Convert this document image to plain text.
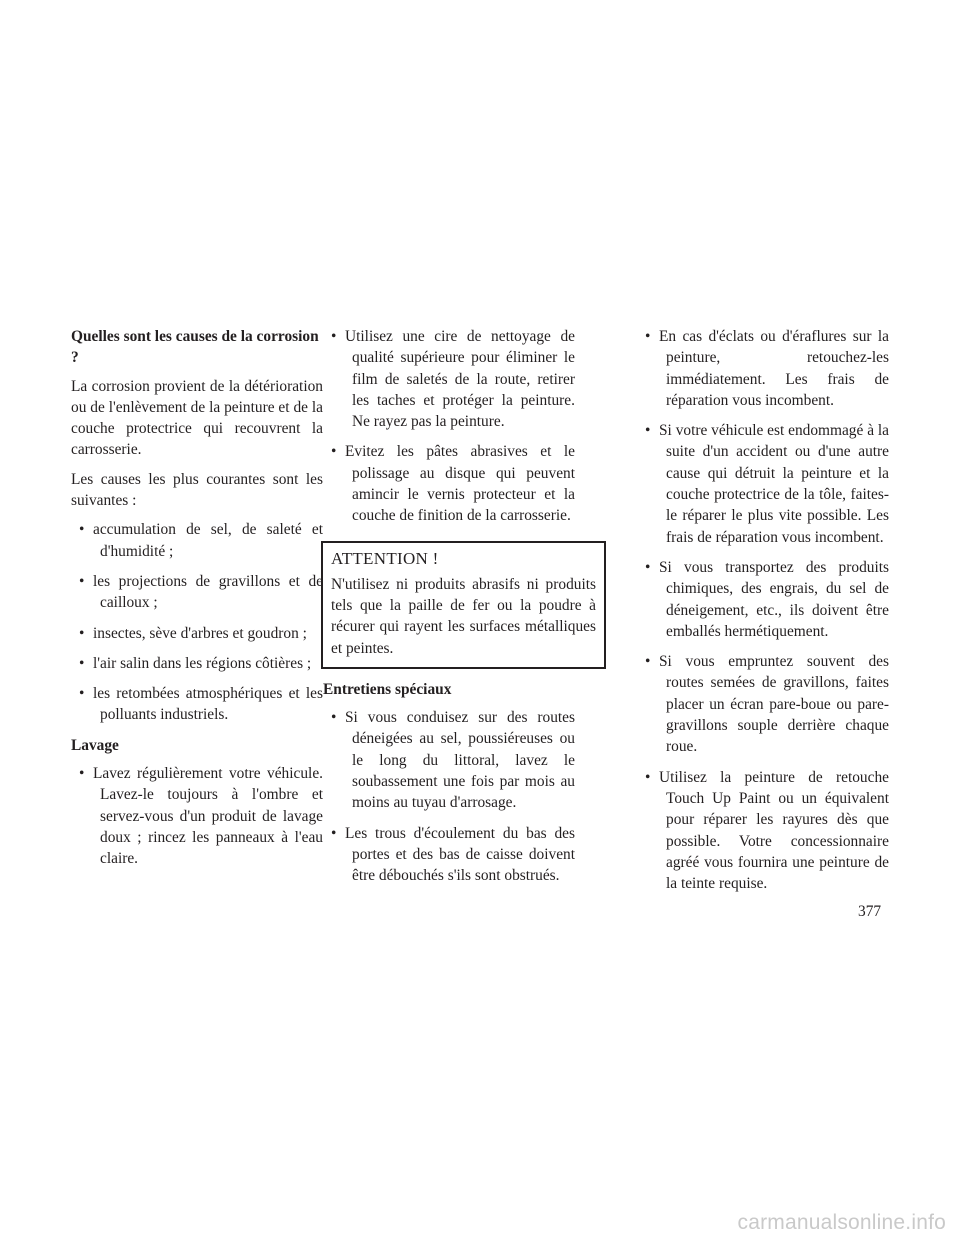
Quelles sont les causes de la corrosion ?
La corrosion provient de la détérioration ou de l'enlèvement de la peinture et de la couche protectrice qui recouvrent la carrosserie.
Les causes les plus courantes sont les suivantes :
• accumulation de sel, de saleté et d'humidité ;
• les projections de gravillons et de cailloux ;
• insectes, sève d'arbres et goudron ;
• l'air salin dans les régions côtières ;
• les retombées atmosphériques et les polluants industriels.
Lavage
• Lavez régulièrement votre véhicule. Lavez-le toujours à l'ombre et servez-vous d'un produit de lavage doux ; rincez les panneaux à l'eau claire.
• Utilisez une cire de nettoyage de qualité supérieure pour éliminer le film de saletés de la route, retirer les taches et protéger la peinture. Ne rayez pas la peinture.
• Evitez les pâtes abrasives et le polissage au disque qui peuvent amincir le vernis protecteur et la couche de finition de la carrosserie.
ATTENTION !
N'utilisez ni produits abrasifs ni produits tels que la paille de fer ou la poudre à récurer qui rayent les surfaces métalliques et peintes.
Entretiens spéciaux
• Si vous conduisez sur des routes déneigées au sel, poussiéreuses ou le long du littoral, lavez le soubassement une fois par mois au moins au tuyau d'arrosage.
• Les trous d'écoulement du bas des portes et des bas de caisse doivent être débouchés s'ils sont obstrués.
• En cas d'éclats ou d'éraflures sur la peinture, retouchez-les immédiatement. Les frais de réparation vous incombent.
• Si votre véhicule est endommagé à la suite d'un accident ou d'une autre cause qui détruit la peinture et la couche protectrice de la tôle, faites-le réparer le plus vite possible. Les frais de réparation vous incombent.
• Si vous transportez des produits chimiques, des engrais, du sel de déneigement, etc., ils doivent être emballés hermétiquement.
• Si vous empruntez souvent des routes semées de gravillons, faites placer un écran pare-boue ou pare-gravillons souple derrière chaque roue.
• Utilisez la peinture de retouche Touch Up Paint ou un équivalent pour réparer les rayures dès que possible. Votre concessionnaire agréé vous fournira une peinture de la teinte requise.
377
carmanualsonline.info
